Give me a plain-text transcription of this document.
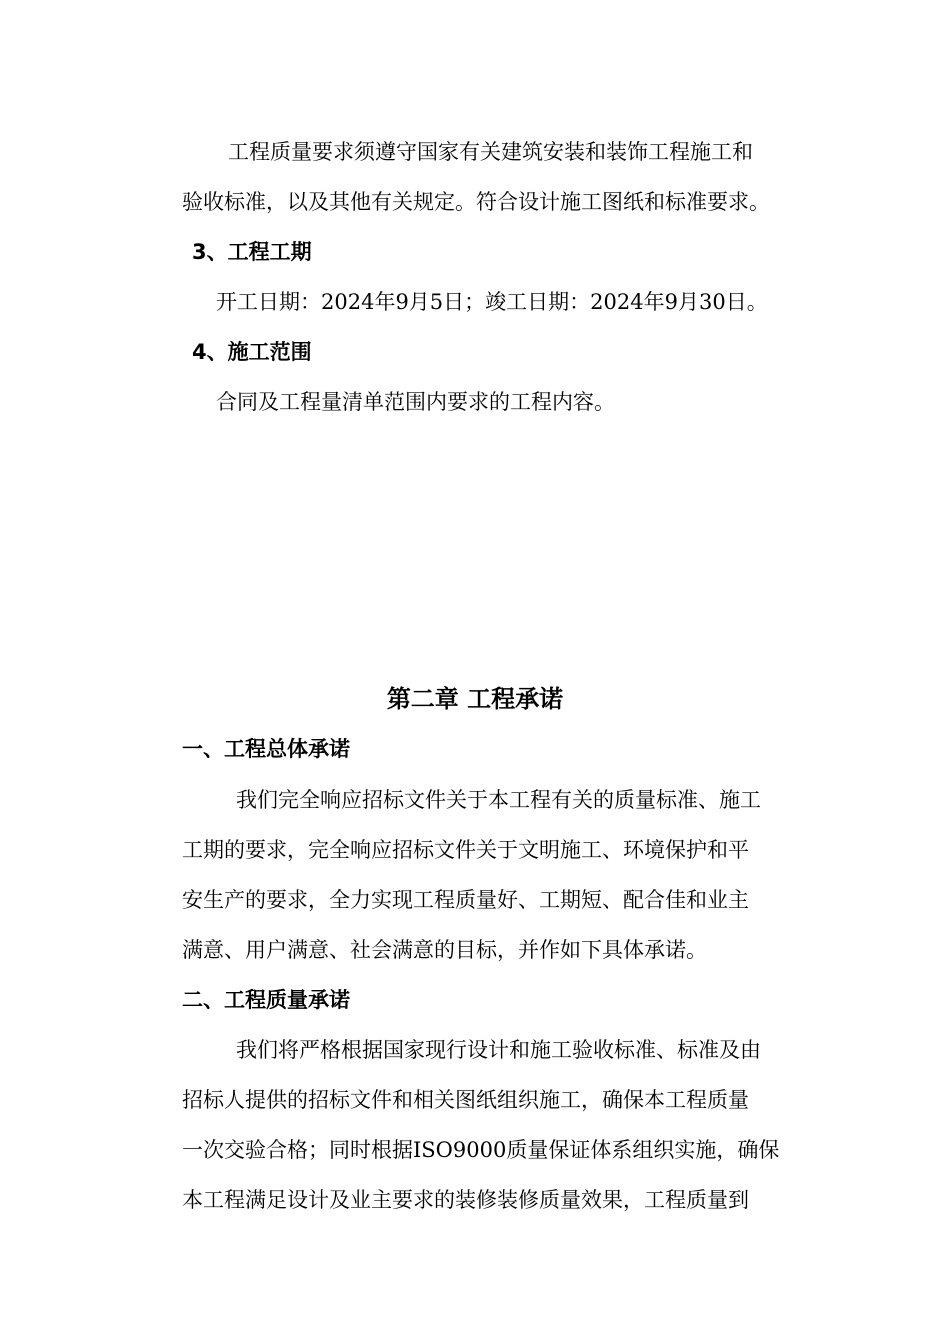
工程质量要求须遵守国家有关建筑安装和装饰工程施工和
验收标准，以及其他有关规定。符合设计施工图纸和标准要求。
3、工程工期
开工日期：2024年9月5日；竣工日期：2024年9月30日。
4、施工范围
合同及工程量清单范围内要求的工程内容。
第二章 工程承诺
一、工程总体承诺
我们完全响应招标文件关于本工程有关的质量标准、施工
工期的要求，完全响应招标文件关于文明施工、环境保护和平
安生产的要求，全力实现工程质量好、工期短、配合佳和业主
满意、用户满意、社会满意的目标，并作如下具体承诺。
二、工程质量承诺
我们将严格根据国家现行设计和施工验收标准、标准及由
招标人提供的招标文件和相关图纸组织施工，确保本工程质量
一次交验合格；同时根据ISO9000质量保证体系组织实施，确保
本工程满足设计及业主要求的装修装修质量效果，工程质量到
